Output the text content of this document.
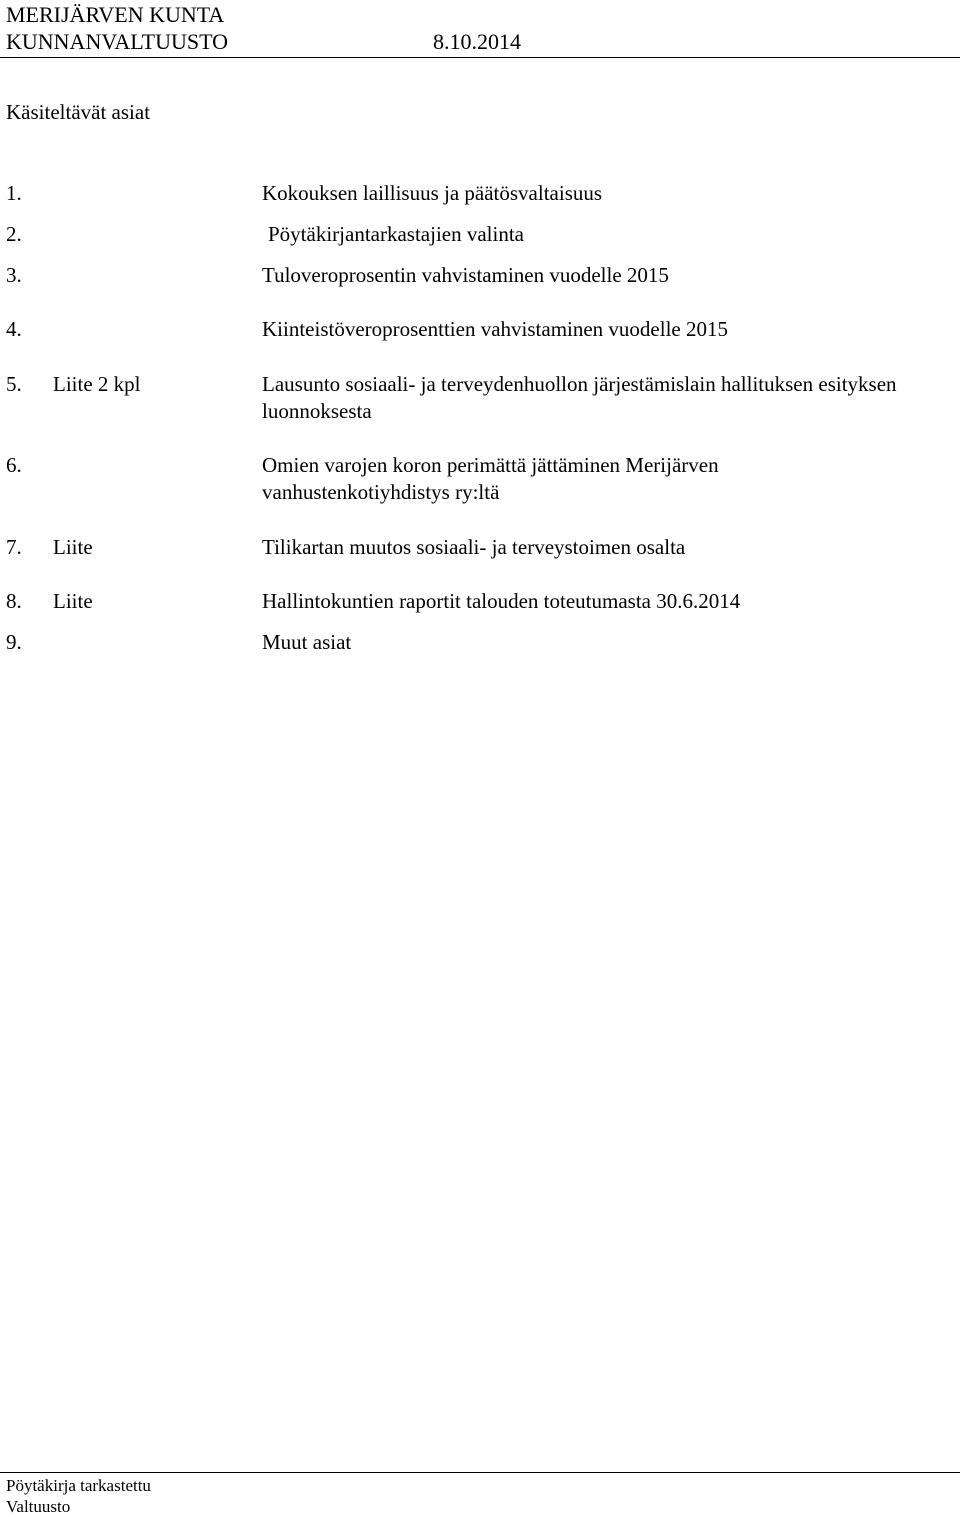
MERIJÄRVEN KUNTA
KUNNANVALTUUSTO	8.10.2014
Käsiteltävät asiat
1.	Kokouksen laillisuus ja päätösvaltaisuus
2.	Pöytäkirjantarkastajien valinta
3.	Tuloveroprosentin vahvistaminen vuodelle 2015
4.	Kiinteistöveroprosenttien vahvistaminen vuodelle 2015
5. Liite 2 kpl	Lausunto sosiaali- ja terveydenhuollon järjestämislain hallituksen esityksen luonnoksesta
6.	Omien varojen koron perimättä jättäminen Merijärven vanhustenkotiyhdistys ry:ltä
7. Liite	Tilikartan muutos sosiaali- ja terveystoimen osalta
8. Liite	Hallintokuntien raportit talouden toteutumasta 30.6.2014
9.	Muut asiat
Pöytäkirja tarkastettu
Valtuusto
